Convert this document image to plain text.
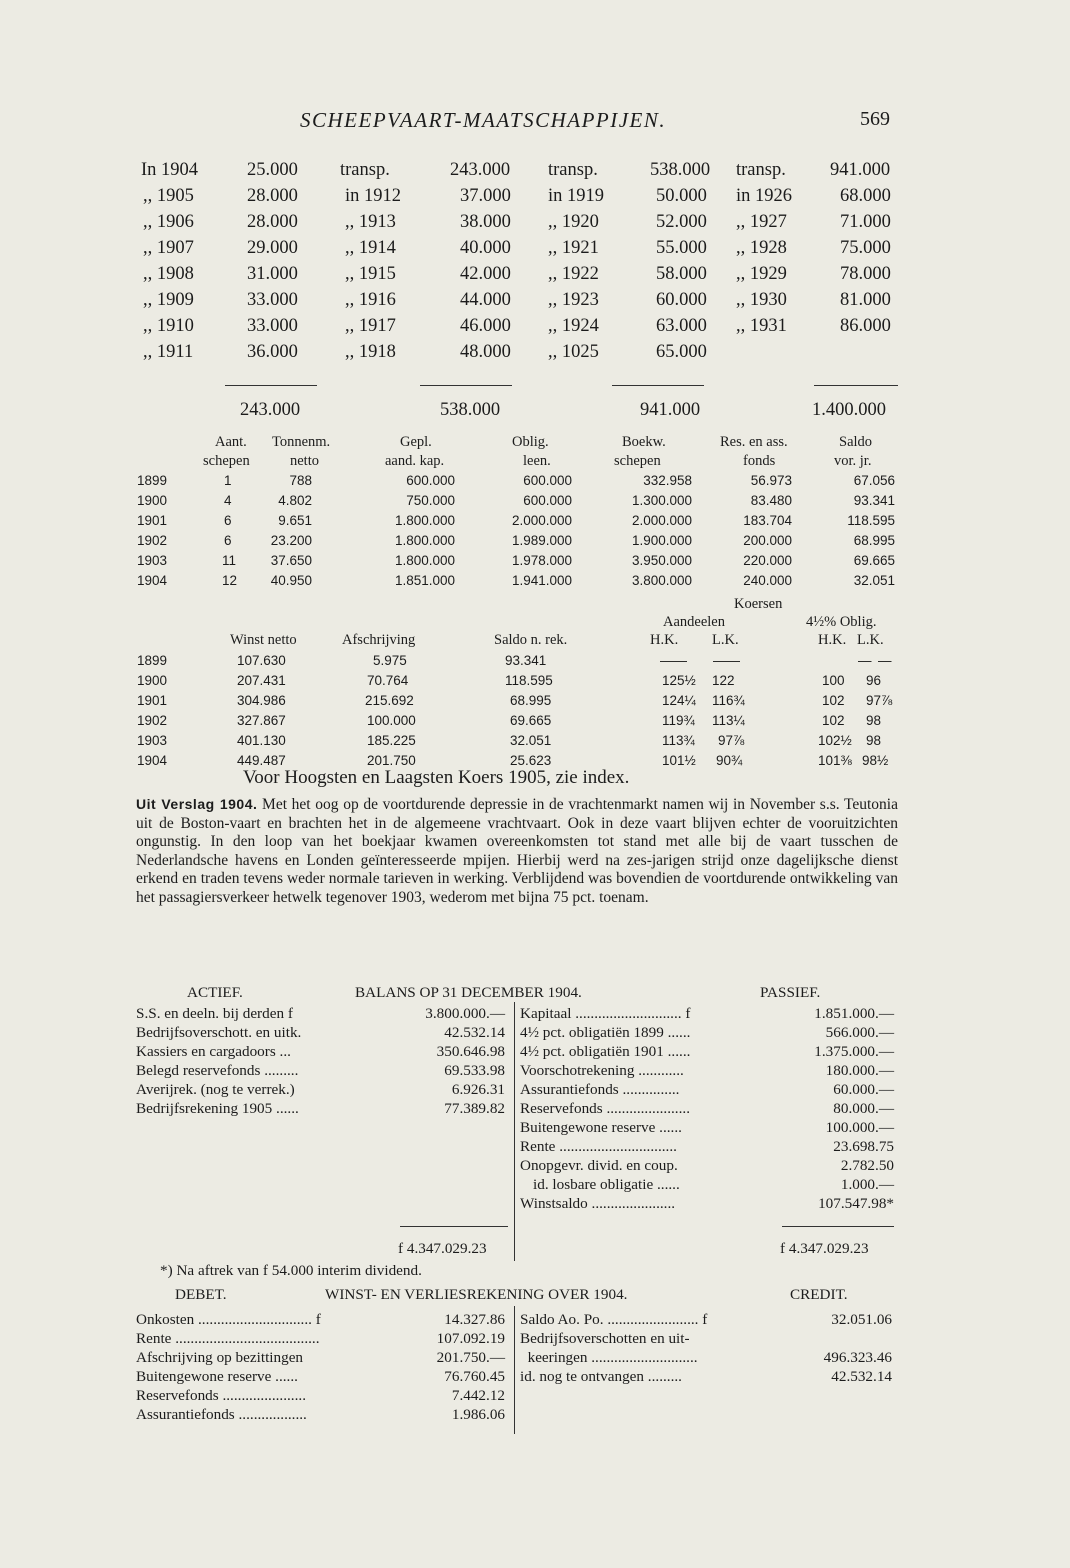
SCHEEPVAART-MAATSCHAPPIJEN.	569
In 1904	25.000 transp.	243.000 transp.	538.000 transp. 941.000
,, 1905	28.000	in 1912	37.000 in 1919	50.000 in 1926	68.000
,, 1906	28.000	,, 1913	38.000 ,, 1920	52.000 ,, 1927	71.000
,, 1907	29.000	,, 1914	40.000 ,, 1921	55.000 ,, 1928	75.000
,, 1908	31.000	,, 1915	42.000 ,, 1922	58.000 ,, 1929	78.000
,, 1909	33.000	,, 1916	44.000 ,, 1923	60.000 ,, 1930	81.000
,, 1910	33.000	,, 1917	46.000 ,, 1924	63.000 ,, 1931	86.000
,, 1911	36.000	,, 1918	48.000 ,, 1025	65.000
243.000	538.000	941.000	1.400.000
Aant. Tonnenm.	Gepl.	Oblig.	Boekw.	Res. en ass.	Saldo
schepen	netto	aand. kap.	leen.	schepen	fonds	vor. jr.
1899	1	788	600.000	600.000	332.958	56.973	67.056
1900	4	4.802	750.000	600.000	1.300.000	83.480	93.341
1901	6	9.651	1.800.000	2.000.000	2.000.000	183.704	118.595
1902	6	23.200	1.800.000	1.989.000	1.900.000	200.000	68.995
1903	11	37.650	1.800.000	1.978.000	3.950.000	220.000	69.665
1904	12	40.950	1.851.000	1.941.000	3.800.000	240.000	32.051
Koersen
Aandeelen	4½% Oblig.
Winst netto	Afschrijving	Saldo n. rek.	H.K. L.K.	H.K. L.K.
1899	107.630	5.975	93.341	—— ——	— —
1900	207.431	70.764	118.595	125½ 122	100 96
1901	304.986	215.692	68.995	124¼ 116¾	102 97⅞
1902	327.867	100.000	69.665	119¾ 113¼	102 98
1903	401.130	185.225	32.051	113¾ 97⅞	102½ 98
1904	449.487	201.750	25.623	101½ 90¾	101⅜ 98½
Voor Hoogsten en Laagsten Koers 1905, zie index.
Uit Verslag 1904. Met het oog op de voortdurende depressie in de vrachtenmarkt namen wij in November s.s. Teutonia uit de Boston-vaart en brachten het in de algemeene vrachtvaart. Ook in deze vaart blijven echter de vooruitzichten ongunstig. In den loop van het boekjaar kwamen overeenkomsten tot stand met alle bij de vaart tusschen de Nederlandsche havens en Londen geïnteresseerde mpijen. Hierbij werd na zes-jarigen strijd onze dagelijksche dienst erkend en traden tevens weder normale tarieven in werking. Verblijdend was bovendien de voortdurende ontwikkeling van het passagiersverkeer hetwelk tegenover 1903, wederom met bijna 75 pct. toenam.
ACTIEF.	BALANS OP 31 DECEMBER 1904.	PASSIEF.
S.S. en deeln. bij derden f	3.800.000.—
Bedrijfsoverschott. en uitk.	42.532.14
Kassiers en cargadoors ...	350.646.98
Belegd reservefonds .........	69.533.98
Averijrek. (nog te verrek.)	6.926.31
Bedrijfsrekening 1905 ......	77.389.82
Kapitaal ............................ f	1.851.000.—
4½ pct. obligatiën 1899 ......	566.000.—
4½ pct. obligatiën 1901 ......	1.375.000.—
Voorschotrekening ............	180.000.—
Assurantiefonds ...............	60.000.—
Reservefonds ......................	80.000.—
Buitengewone reserve ......	100.000.—
Rente ...............................	23.698.75
Onopgevr. divid. en coup.	2.782.50
id. losbare obligatie ......	1.000.—
Winstsaldo ......................	107.547.98*
f 4.347.029.23	f 4.347.029.23
*) Na aftrek van f 54.000 interim dividend.
DEBET.	WINST- EN VERLIESREKENING OVER 1904.	CREDIT.
Onkosten .............................. f	14.327.86
Rente ......................................	107.092.19
Afschrijving op bezittingen	201.750.—
Buitengewone reserve ......	76.760.45
Reservefonds ......................	7.442.12
Assurantiefonds ..................	1.986.06
Saldo Ao. Po. ........................ f	32.051.06
Bedrijfsoverschotten en uit-
keeringen ............................	496.323.46
id. nog te ontvangen .........	42.532.14
